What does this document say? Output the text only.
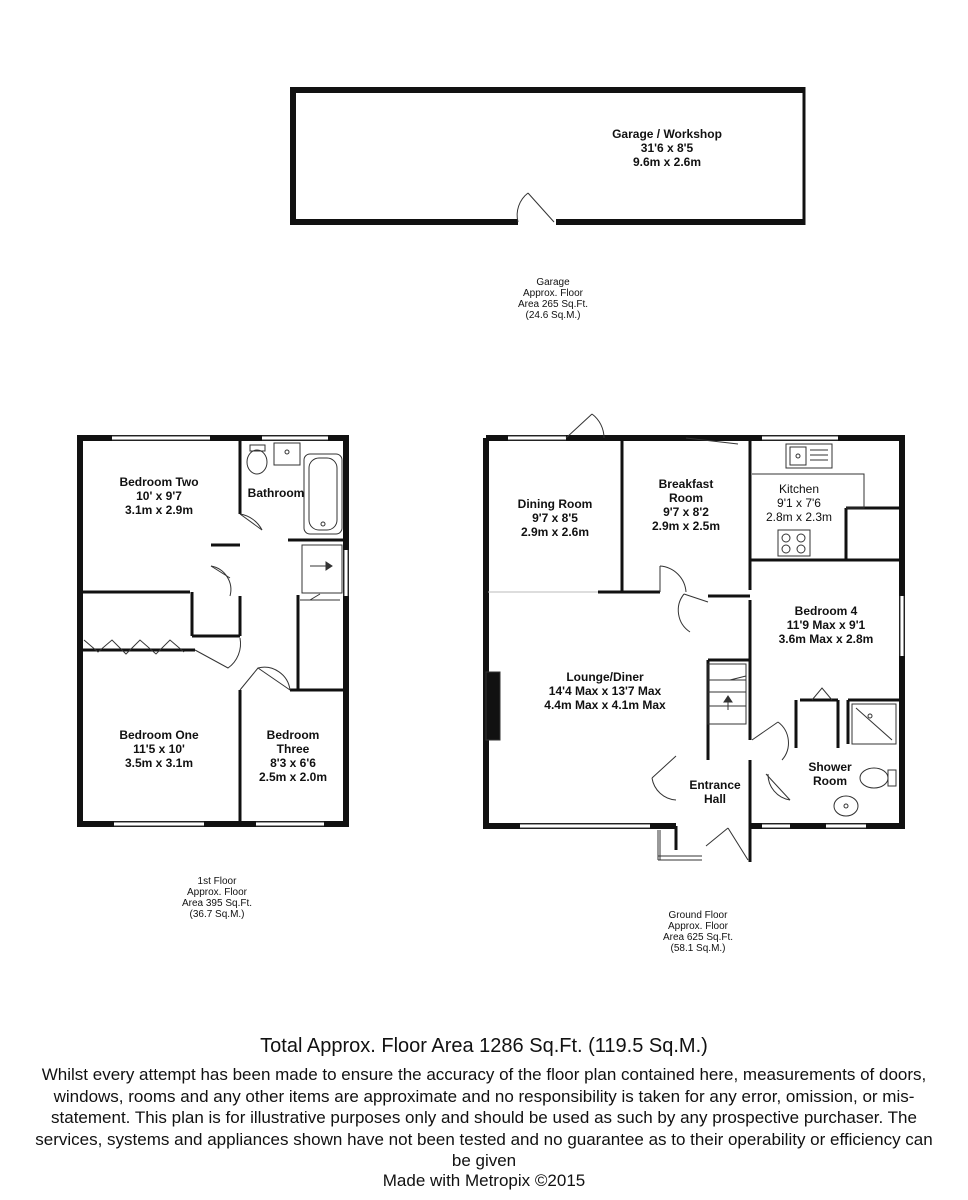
Garage / Workshop
31'6 x 8'5
9.6m x 2.6m
Garage
Approx. Floor
Area 265 Sq.Ft.
(24.6 Sq.M.)
Bedroom Two
10' x 9'7
3.1m x 2.9m
Bathroom
Bedroom One
11'5 x 10'
3.5m x 3.1m
Bedroom
Three
8'3 x 6'6
2.5m x 2.0m
1st Floor
Approx. Floor
Area 395 Sq.Ft.
(36.7 Sq.M.)
Dining Room
9'7 x 8'5
2.9m x 2.6m
Breakfast
Room
9'7 x 8'2
2.9m x 2.5m
Kitchen
9'1 x 7'6
2.8m x 2.3m
Bedroom 4
11'9 Max x 9'1
3.6m Max x 2.8m
Lounge/Diner
14'4 Max x 13'7 Max
4.4m Max x 4.1m Max
Entrance
Hall
Shower
Room
Ground Floor
Approx. Floor
Area 625 Sq.Ft.
(58.1 Sq.M.)
Total Approx. Floor Area 1286 Sq.Ft. (119.5 Sq.M.)
Whilst every attempt has been made to ensure the accuracy of the floor plan contained here, measurements of doors, windows, rooms and any other items are approximate and no responsibility is taken for any error, omission, or mis-statement. This plan is for illustrative purposes only and should be used as such by any prospective purchaser. The services, systems and appliances shown have not been tested and no guarantee as to their operability or efficiency can be given
Made with Metropix ©2015
